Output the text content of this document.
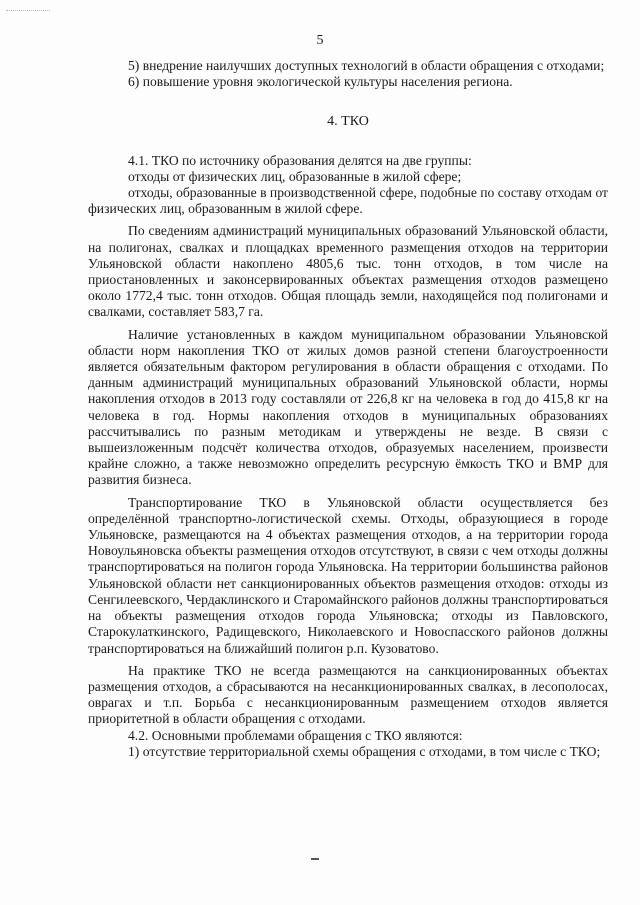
5

5) внедрение наилучших доступных технологий в области обращения с отходами;

6) повышение уровня экологической культуры населения региона.

4. ТКО

4.1. ТКО по источнику образования делятся на две группы:

отходы от физических лиц, образованные в жилой сфере;

отходы, образованные в производственной сфере, подобные по составу отходам от физических лиц, образованным в жилой сфере.

По сведениям администраций муниципальных образований Ульяновской области, на полигонах, свалках и площадках временного размещения отходов на территории Ульяновской области накоплено 4805,6 тыс. тонн отходов, в том числе на приостановленных и законсервированных объектах размещения отходов размещено около 1772,4 тыс. тонн отходов. Общая площадь земли, находящейся под полигонами и свалками, составляет 583,7 га.

Наличие установленных в каждом муниципальном образовании Ульяновской области норм накопления ТКО от жилых домов разной степени благоустроенности является обязательным фактором регулирования в области обращения с отходами. По данным администраций муниципальных образований Ульяновской области, нормы накопления отходов в 2013 году составляли от 226,8 кг на человека в год до 415,8 кг на человека в год. Нормы накопления отходов в муниципальных образованиях рассчитывались по разным методикам и утверждены не везде. В связи с вышеизложенным подсчёт количества отходов, образуемых населением, произвести крайне сложно, а также невозможно определить ресурсную ёмкость ТКО и ВМР для развития бизнеса.

Транспортирование ТКО в Ульяновской области осуществляется без определённой транспортно-логистической схемы. Отходы, образующиеся в городе Ульяновске, размещаются на 4 объектах размещения отходов, а на территории города Новоульяновска объекты размещения отходов отсутствуют, в связи с чем отходы должны транспортироваться на полигон города Ульяновска. На территории большинства районов Ульяновской области нет санкционированных объектов размещения отходов: отходы из Сенгилеевского, Чердаклинского и Старомайнского районов должны транспортироваться на объекты размещения отходов города Ульяновска; отходы из Павловского, Старокулаткинского, Радищевского, Николаевского и Новоспасского районов должны транспортироваться на ближайший полигон р.п. Кузоватово.

На практике ТКО не всегда размещаются на санкционированных объектах размещения отходов, а сбрасываются на несанкционированных свалках, в лесополосах, оврагах и т.п. Борьба с несанкционированным размещением отходов является приоритетной в области обращения с отходами.

4.2. Основными проблемами обращения с ТКО являются:

1) отсутствие территориальной схемы обращения с отходами, в том числе с ТКО;
